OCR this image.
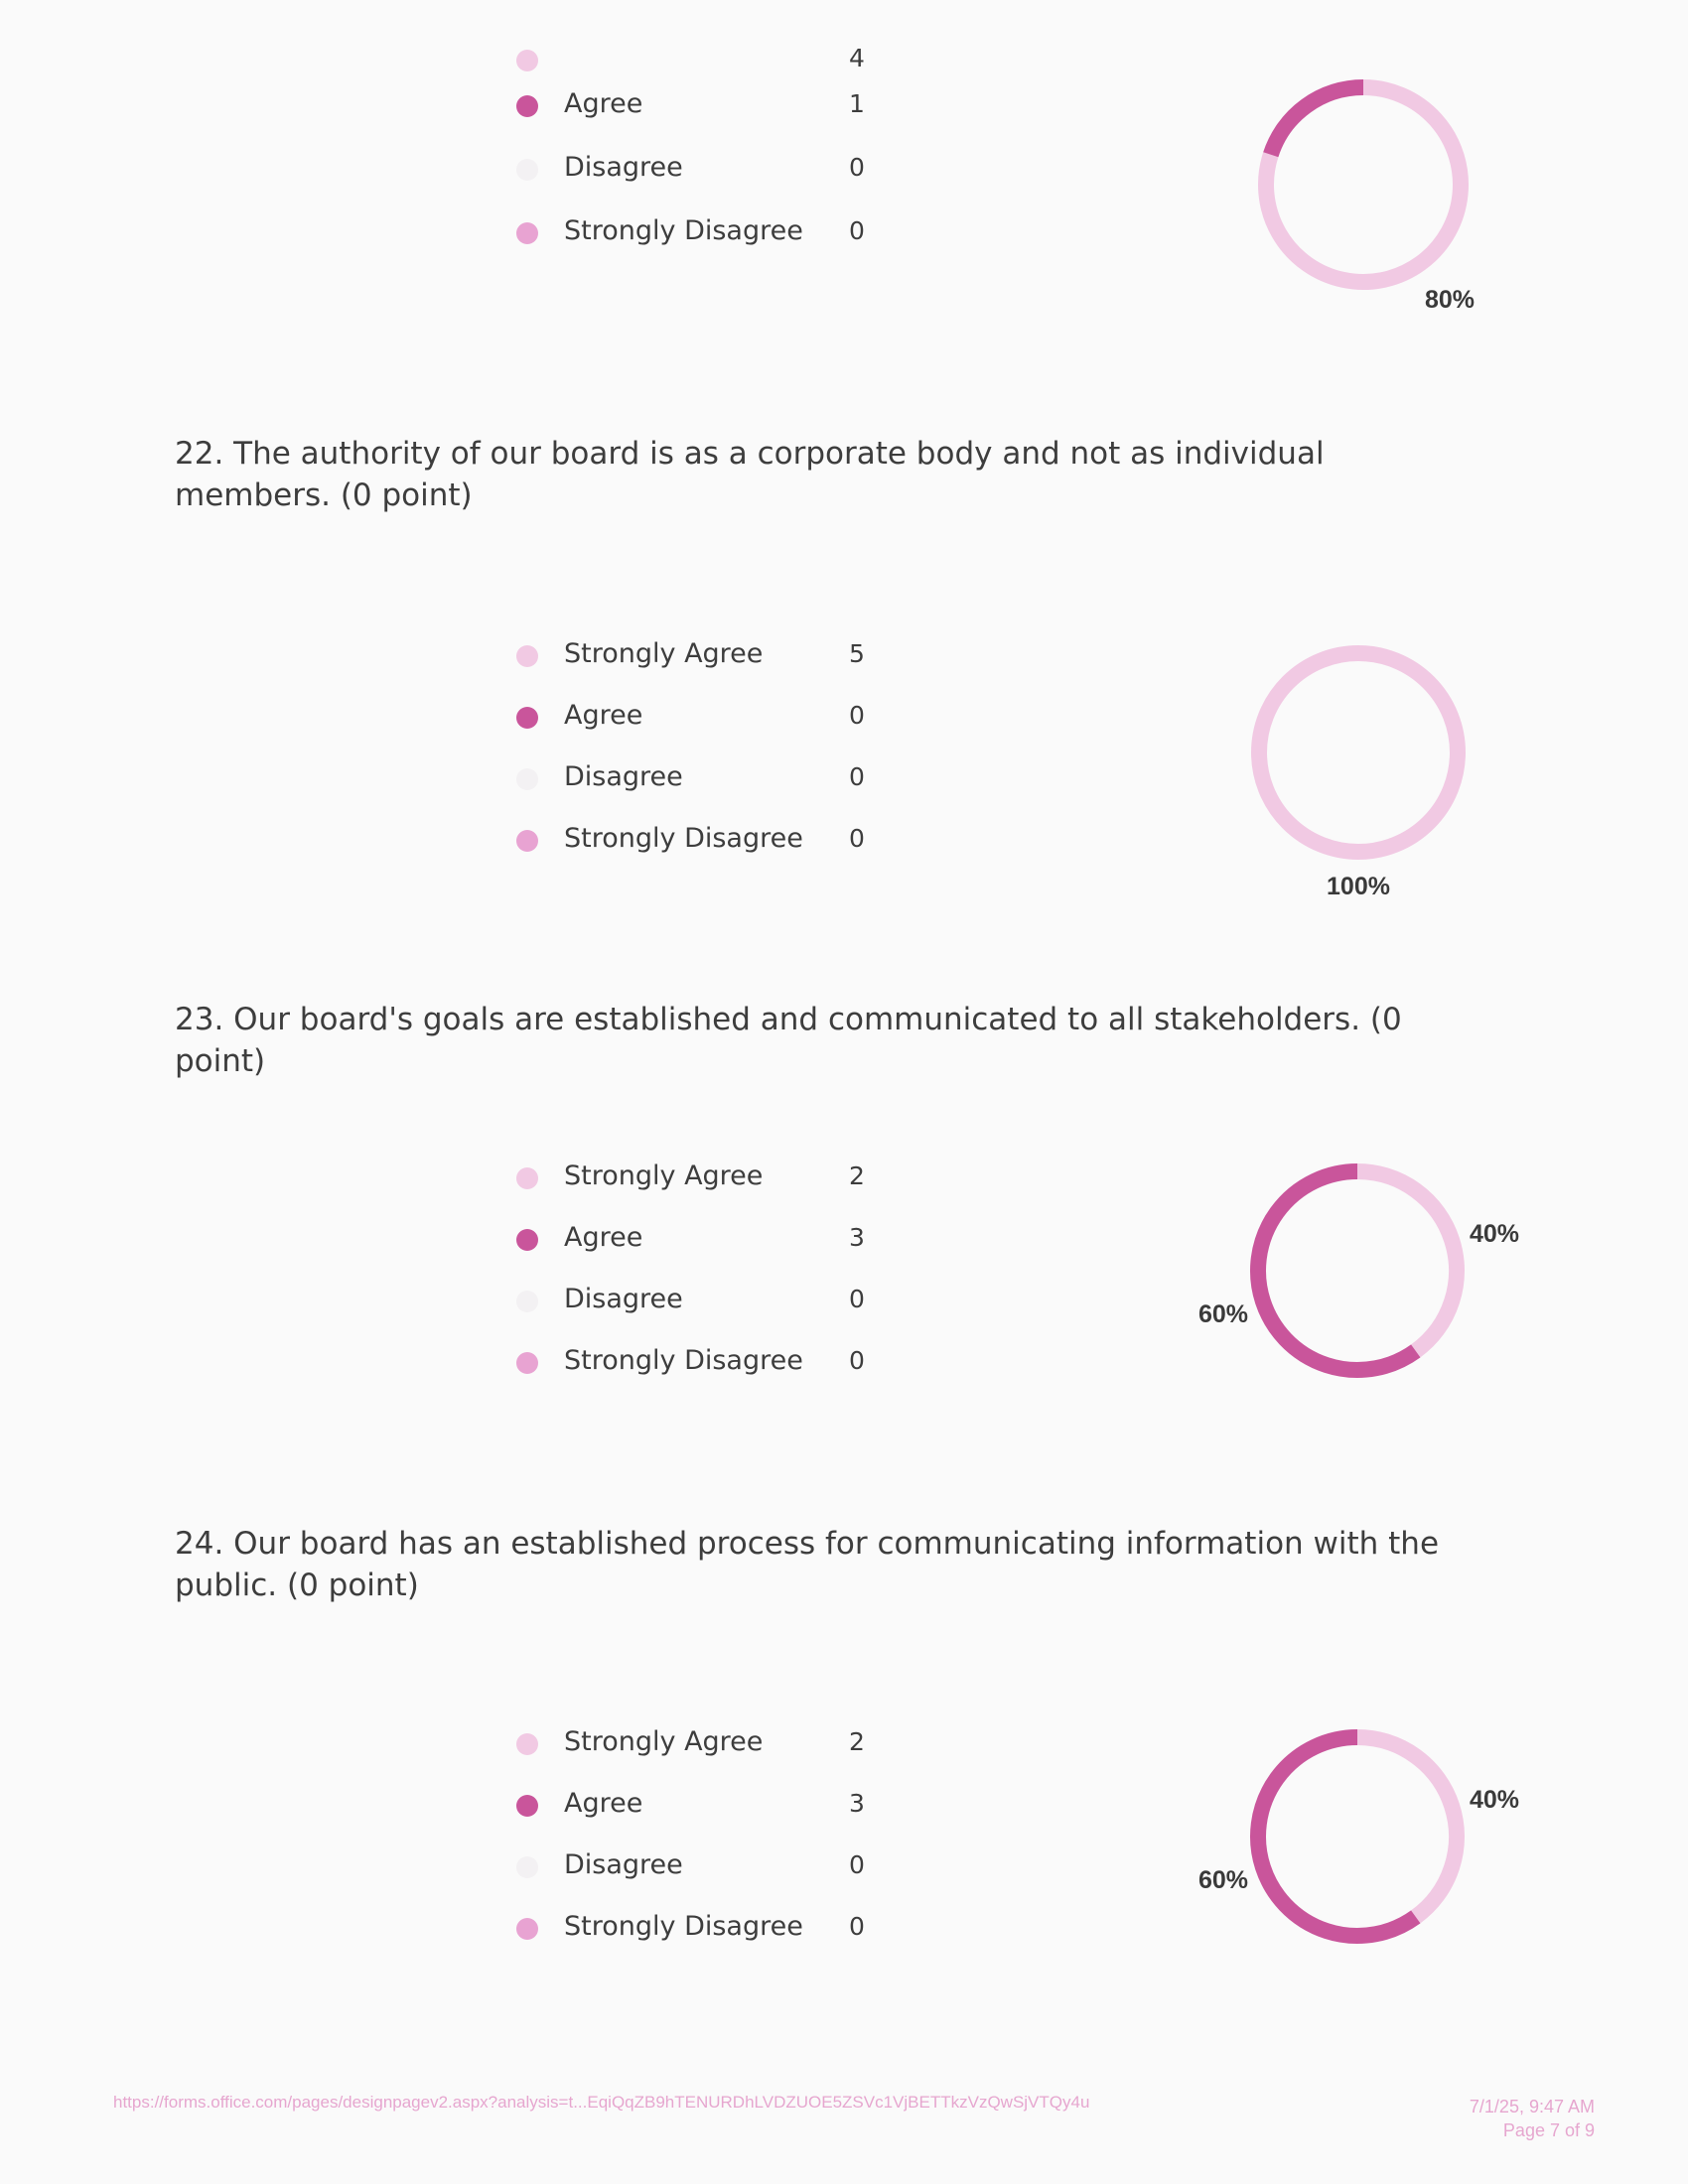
4
Agree	1
Disagree	0
Strongly Disagree 0
80%
22. The authority of our board is as a corporate body and not as individual members. (0 point)
Strongly Agree	5
Agree	0
Disagree	0
Strongly Disagree 0
100%
23. Our board's goals are established and communicated to all stakeholders. (0 point)
Strongly Agree	2
Agree	3
Disagree	0
Strongly Disagree 0
40%
60%
24. Our board has an established process for communicating information with the public. (0 point)
Strongly Agree	2
Agree	3
Disagree	0
Strongly Disagree 0
40%
60%
https://forms.office.com/pages/designpagev2.aspx?analysis=t...EqiQqZB9hTENURDhLVDZUOE5ZSVc1VjBETTkzVzQwSjVTQy4u	7/1/25, 9:47 AM
Page 7 of 9
